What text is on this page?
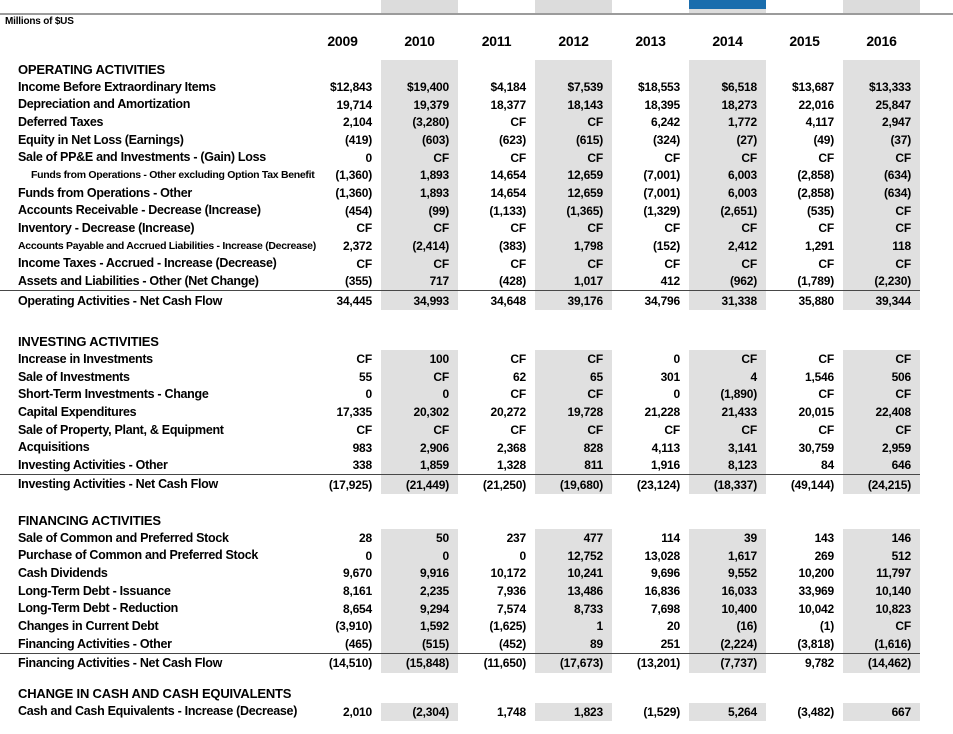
Millions of $US
2009	2010	2011	2012	2013	2014	2015	2016
OPERATING ACTIVITIES
Income Before Extraordinary Items	$12,843	$19,400	$4,184	$7,539	$18,553	$6,518	$13,687	$13,333
Depreciation and Amortization	19,714	19,379	18,377	18,143	18,395	18,273	22,016	25,847
Deferred Taxes	2,104	(3,280)	CF	CF	6,242	1,772	4,117	2,947
Equity in Net Loss (Earnings)	(419)	(603)	(623)	(615)	(324)	(27)	(49)	(37)
Sale of PP&E and Investments - (Gain) Loss	0	CF	CF	CF	CF	CF	CF	CF
Funds from Operations - Other excluding Option Tax Benefit	(1,360)	1,893	14,654	12,659	(7,001)	6,003	(2,858)	(634)
Funds from Operations - Other	(1,360)	1,893	14,654	12,659	(7,001)	6,003	(2,858)	(634)
Accounts Receivable - Decrease (Increase)	(454)	(99)	(1,133)	(1,365)	(1,329)	(2,651)	(535)	CF
Inventory - Decrease (Increase)	CF	CF	CF	CF	CF	CF	CF	CF
Accounts Payable and Accrued Liabilities - Increase (Decrease)	2,372	(2,414)	(383)	1,798	(152)	2,412	1,291	118
Income Taxes - Accrued - Increase (Decrease)	CF	CF	CF	CF	CF	CF	CF	CF
Assets and Liabilities - Other (Net Change)	(355)	717	(428)	1,017	412	(962)	(1,789)	(2,230)
Operating Activities - Net Cash Flow	34,445	34,993	34,648	39,176	34,796	31,338	35,880	39,344
INVESTING ACTIVITIES
Increase in Investments	CF	100	CF	CF	0	CF	CF	CF
Sale of Investments	55	CF	62	65	301	4	1,546	506
Short-Term Investments - Change	0	0	CF	CF	0	(1,890)	CF	CF
Capital Expenditures	17,335	20,302	20,272	19,728	21,228	21,433	20,015	22,408
Sale of Property, Plant, & Equipment	CF	CF	CF	CF	CF	CF	CF	CF
Acquisitions	983	2,906	2,368	828	4,113	3,141	30,759	2,959
Investing Activities - Other	338	1,859	1,328	811	1,916	8,123	84	646
Investing Activities - Net Cash Flow	(17,925)	(21,449)	(21,250)	(19,680)	(23,124)	(18,337)	(49,144)	(24,215)
FINANCING ACTIVITIES
Sale of Common and Preferred Stock	28	50	237	477	114	39	143	146
Purchase of Common and Preferred Stock	0	0	0	12,752	13,028	1,617	269	512
Cash Dividends	9,670	9,916	10,172	10,241	9,696	9,552	10,200	11,797
Long-Term Debt - Issuance	8,161	2,235	7,936	13,486	16,836	16,033	33,969	10,140
Long-Term Debt - Reduction	8,654	9,294	7,574	8,733	7,698	10,400	10,042	10,823
Changes in Current Debt	(3,910)	1,592	(1,625)	1	20	(16)	(1)	CF
Financing Activities - Other	(465)	(515)	(452)	89	251	(2,224)	(3,818)	(1,616)
Financing Activities - Net Cash Flow	(14,510)	(15,848)	(11,650)	(17,673)	(13,201)	(7,737)	9,782	(14,462)
CHANGE IN CASH AND CASH EQUIVALENTS
Cash and Cash Equivalents - Increase (Decrease)	2,010	(2,304)	1,748	1,823	(1,529)	5,264	(3,482)	667
